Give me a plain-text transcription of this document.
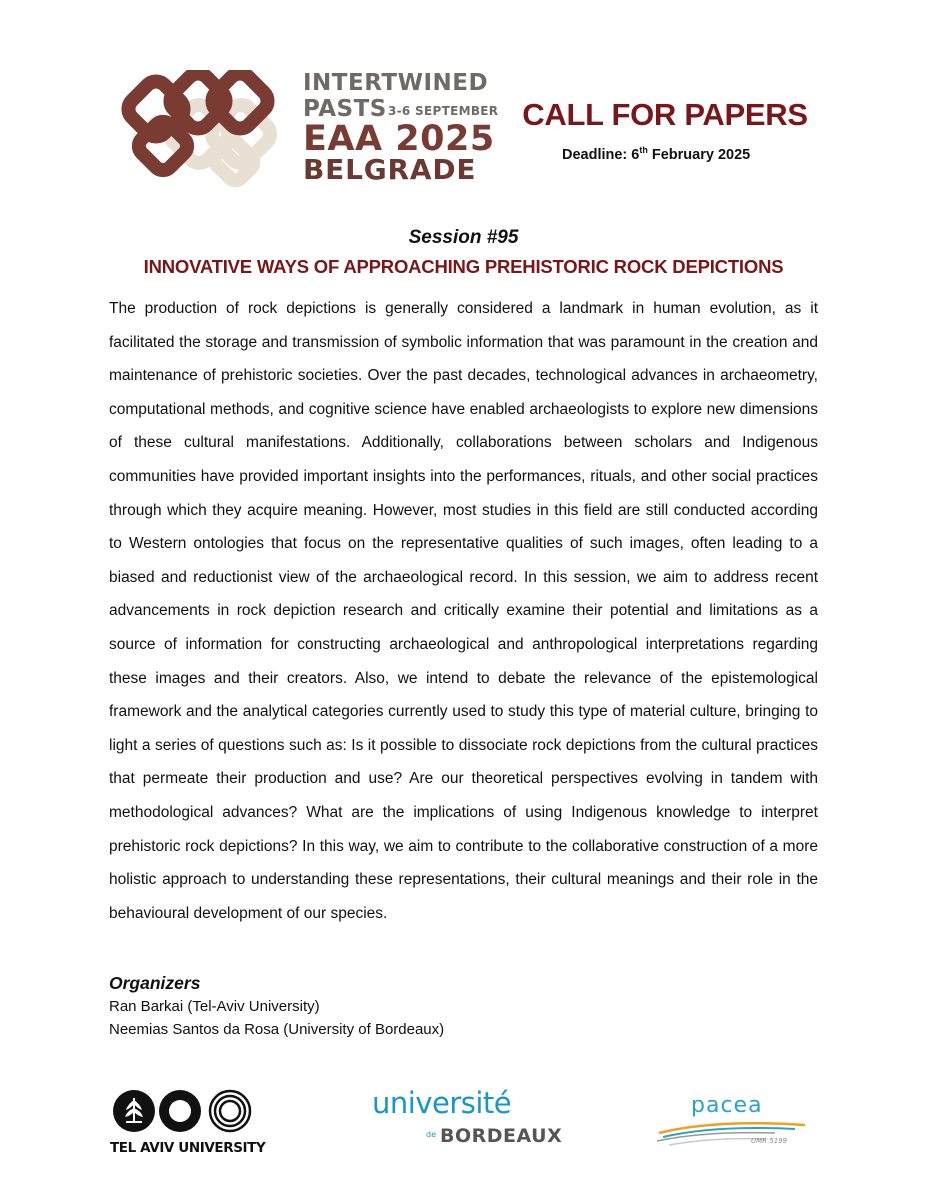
INTERTWINED
PASTS 3-6 SEPTEMBER
EAA 2025
BELGRADE
CALL FOR PAPERS
Deadline: 6th February 2025
Session #95
INNOVATIVE WAYS OF APPROACHING PREHISTORIC ROCK DEPICTIONS
The production of rock depictions is generally considered a landmark in human evolution, as it facilitated the storage and transmission of symbolic information that was paramount in the creation and maintenance of prehistoric societies. Over the past decades, technological advances in archaeometry, computational methods, and cognitive science have enabled archaeologists to explore new dimensions of these cultural manifestations. Additionally, collaborations between scholars and Indigenous communities have provided important insights into the performances, rituals, and other social practices through which they acquire meaning. However, most studies in this field are still conducted according to Western ontologies that focus on the representative qualities of such images, often leading to a biased and reductionist view of the archaeological record. In this session, we aim to address recent advancements in rock depiction research and critically examine their potential and limitations as a source of information for constructing archaeological and anthropological interpretations regarding these images and their creators. Also, we intend to debate the relevance of the epistemological framework and the analytical categories currently used to study this type of material culture, bringing to light a series of questions such as: Is it possible to dissociate rock depictions from the cultural practices that permeate their production and use? Are our theoretical perspectives evolving in tandem with methodological advances? What are the implications of using Indigenous knowledge to interpret prehistoric rock depictions? In this way, we aim to contribute to the collaborative construction of a more holistic approach to understanding these representations, their cultural meanings and their role in the behavioural development of our species.
Organizers
Ran Barkai (Tel-Aviv University)
Neemias Santos da Rosa (University of Bordeaux)
TEL AVIV UNIVERSITY
université
de BORDEAUX
pacea
UMR 5199
